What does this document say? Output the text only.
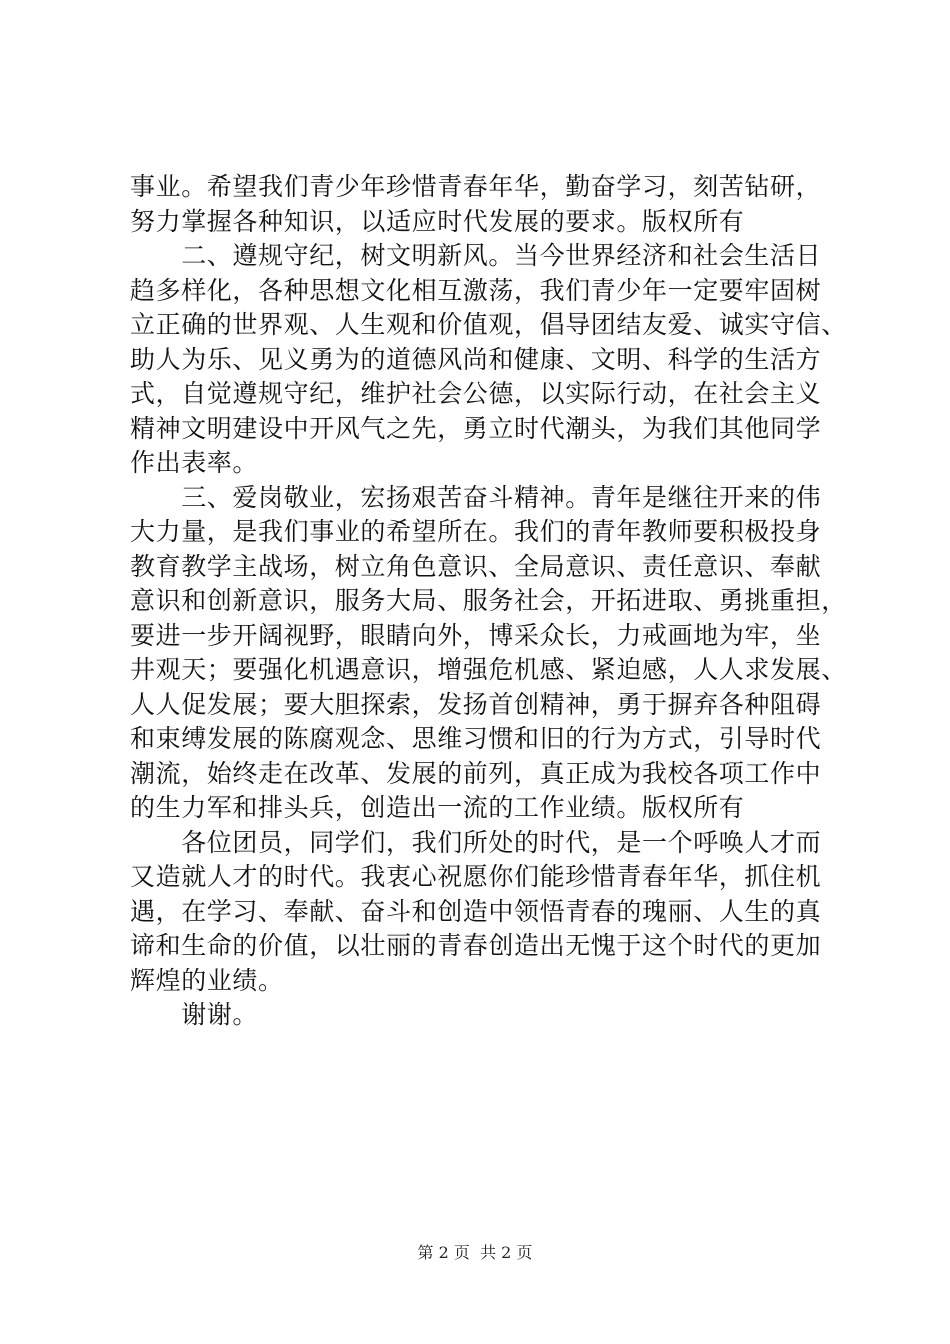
事业。希望我们青少年珍惜青春年华，勤奋学习，刻苦钻研，
努力掌握各种知识，以适应时代发展的要求。版权所有
　　二、遵规守纪，树文明新风。当今世界经济和社会生活日
趋多样化，各种思想文化相互激荡，我们青少年一定要牢固树
立正确的世界观、人生观和价值观，倡导团结友爱、诚实守信、
助人为乐、见义勇为的道德风尚和健康、文明、科学的生活方
式，自觉遵规守纪，维护社会公德，以实际行动，在社会主义
精神文明建设中开风气之先，勇立时代潮头，为我们其他同学
作出表率。
　　三、爱岗敬业，宏扬艰苦奋斗精神。青年是继往开来的伟
大力量，是我们事业的希望所在。我们的青年教师要积极投身
教育教学主战场，树立角色意识、全局意识、责任意识、奉献
意识和创新意识，服务大局、服务社会，开拓进取、勇挑重担，
要进一步开阔视野，眼睛向外，博采众长，力戒画地为牢，坐
井观天；要强化机遇意识，增强危机感、紧迫感，人人求发展、
人人促发展；要大胆探索，发扬首创精神，勇于摒弃各种阻碍
和束缚发展的陈腐观念、思维习惯和旧的行为方式，引导时代
潮流，始终走在改革、发展的前列，真正成为我校各项工作中
的生力军和排头兵，创造出一流的工作业绩。版权所有
　　各位团员，同学们，我们所处的时代，是一个呼唤人才而
又造就人才的时代。我衷心祝愿你们能珍惜青春年华，抓住机
遇，在学习、奉献、奋斗和创造中领悟青春的瑰丽、人生的真
谛和生命的价值，以壮丽的青春创造出无愧于这个时代的更加
辉煌的业绩。
　　谢谢。
第 2 页  共 2 页
